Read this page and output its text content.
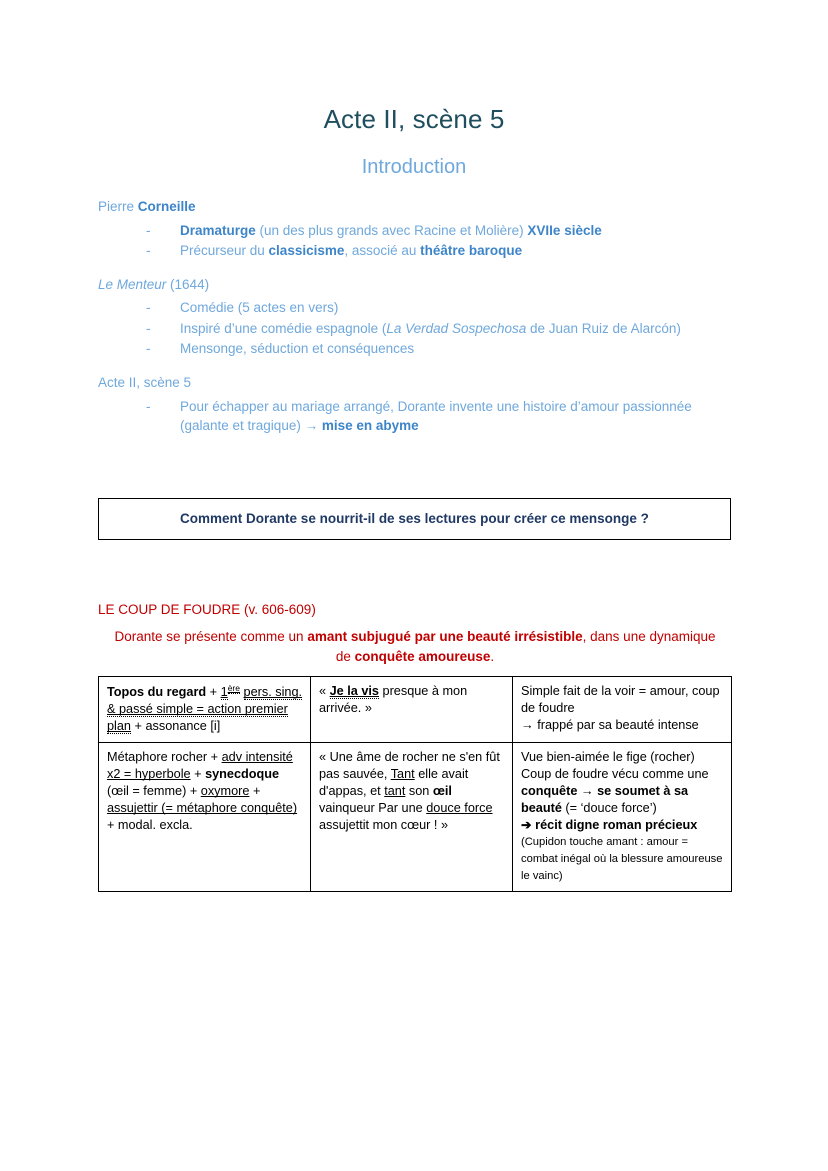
Acte II, scène 5
Introduction

Pierre Corneille

- Dramaturge (un des plus grands avec Racine et Molière) XVIIe siècle
- Précurseur du classicisme, associé au théâtre baroque

Le Menteur (1644)

- Comédie (5 actes en vers)
- Inspiré d’une comédie espagnole (La Verdad Sospechosa de Juan Ruiz de Alarcón)
- Mensonge, séduction et conséquences

Acte II, scène 5

- Pour échapper au mariage arrangé, Dorante invente une histoire d’amour passionnée (galante et tragique) → mise en abyme
Comment Dorante se nourrit-il de ses lectures pour créer ce mensonge ?

LE COUP DE FOUDRE (v. 606-609)

Dorante se présente comme un amant subjugué par une beauté irrésistible, dans une dynamique de conquête amoureuse.

Topos du regard + 1ère pers. sing. & passé simple = action premier plan + assonance [i]	« Je la vis presque à mon arrivée. »	Simple fait de la voir = amour, coup de foudre
→ frappé par sa beauté intense
Métaphore rocher + adv intensité x2 = hyperbole + synecdoque (œil = femme) + oxymore + assujettir (= métaphore conquête) + modal. excla.	« Une âme de rocher ne s'en fût pas sauvée, Tant elle avait d'appas, et tant son œil vainqueur Par une douce force assujettit mon cœur ! »	Vue bien-aimée le fige (rocher)
Coup de foudre vécu comme une conquête → se soumet à sa beauté (= ‘douce force’)
➔ récit digne roman précieux (Cupidon touche amant : amour = combat inégal où la blessure amoureuse le vainc)
